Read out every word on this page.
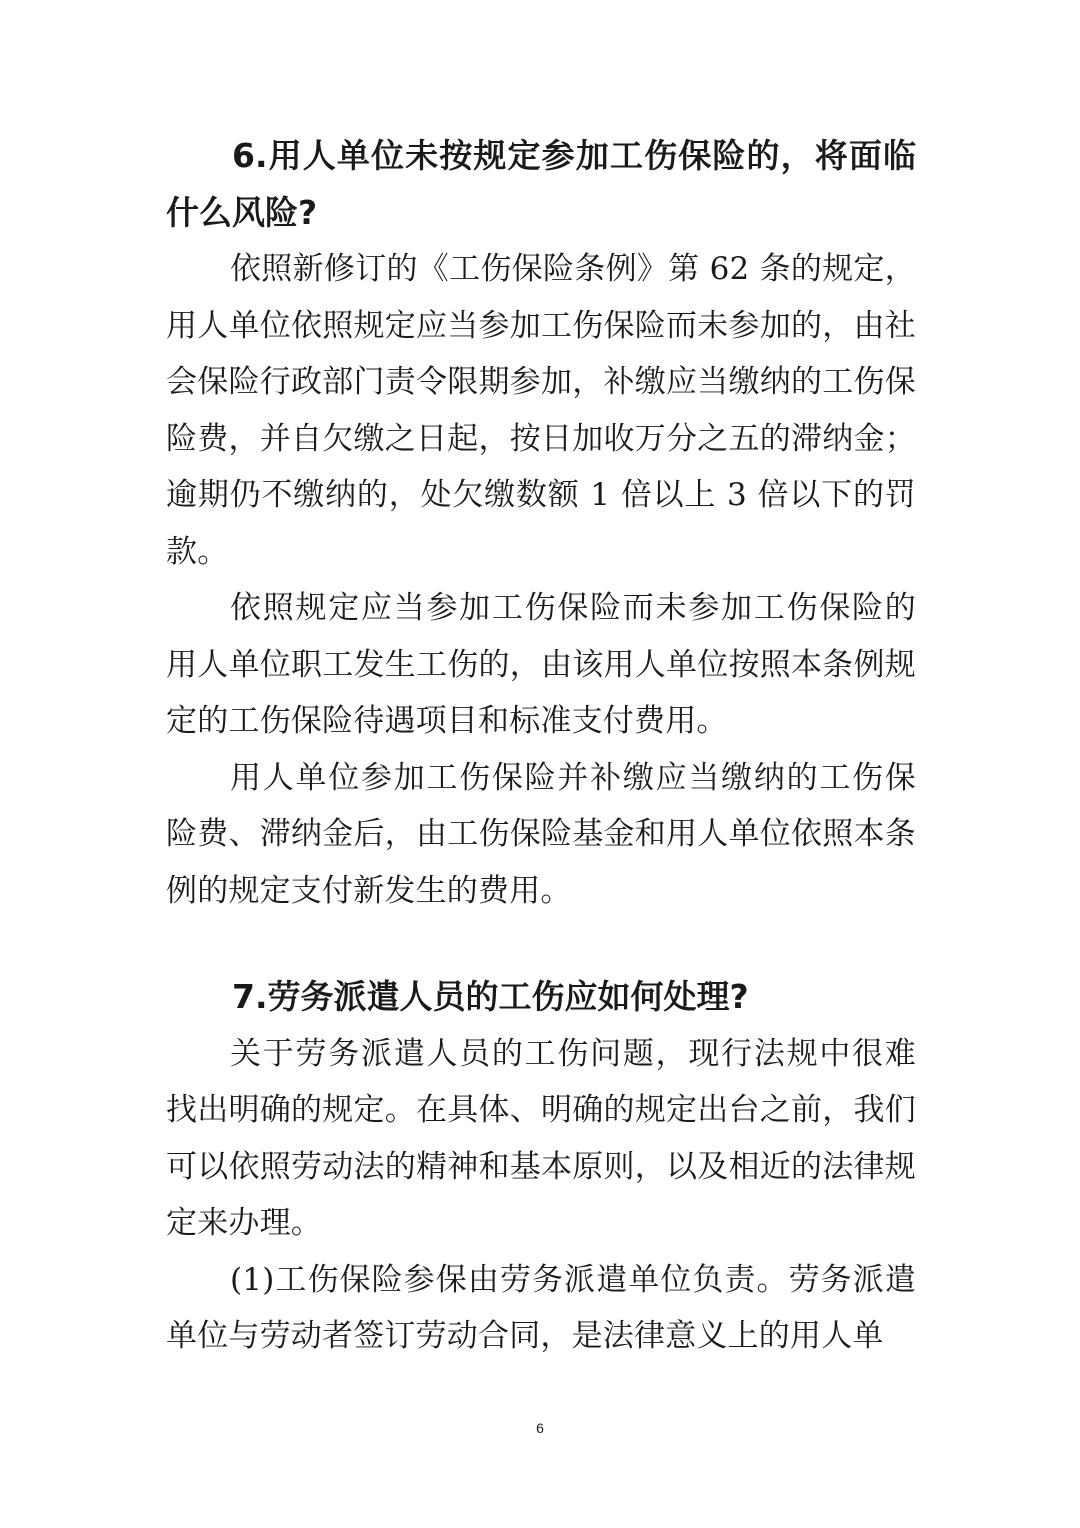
6.用人单位未按规定参加工伤保险的，将面临什么风险?

依照新修订的《工伤保险条例》第 62 条的规定，用人单位依照规定应当参加工伤保险而未参加的，由社会保险行政部门责令限期参加，补缴应当缴纳的工伤保险费，并自欠缴之日起，按日加收万分之五的滞纳金；逾期仍不缴纳的，处欠缴数额 1 倍以上 3 倍以下的罚款。

依照规定应当参加工伤保险而未参加工伤保险的用人单位职工发生工伤的，由该用人单位按照本条例规定的工伤保险待遇项目和标准支付费用。

用人单位参加工伤保险并补缴应当缴纳的工伤保险费、滞纳金后，由工伤保险基金和用人单位依照本条例的规定支付新发生的费用。

7.劳务派遣人员的工伤应如何处理?

关于劳务派遣人员的工伤问题，现行法规中很难找出明确的规定。在具体、明确的规定出台之前，我们可以依照劳动法的精神和基本原则，以及相近的法律规定来办理。

(1)工伤保险参保由劳务派遣单位负责。劳务派遣单位与劳动者签订劳动合同，是法律意义上的用人单

6
